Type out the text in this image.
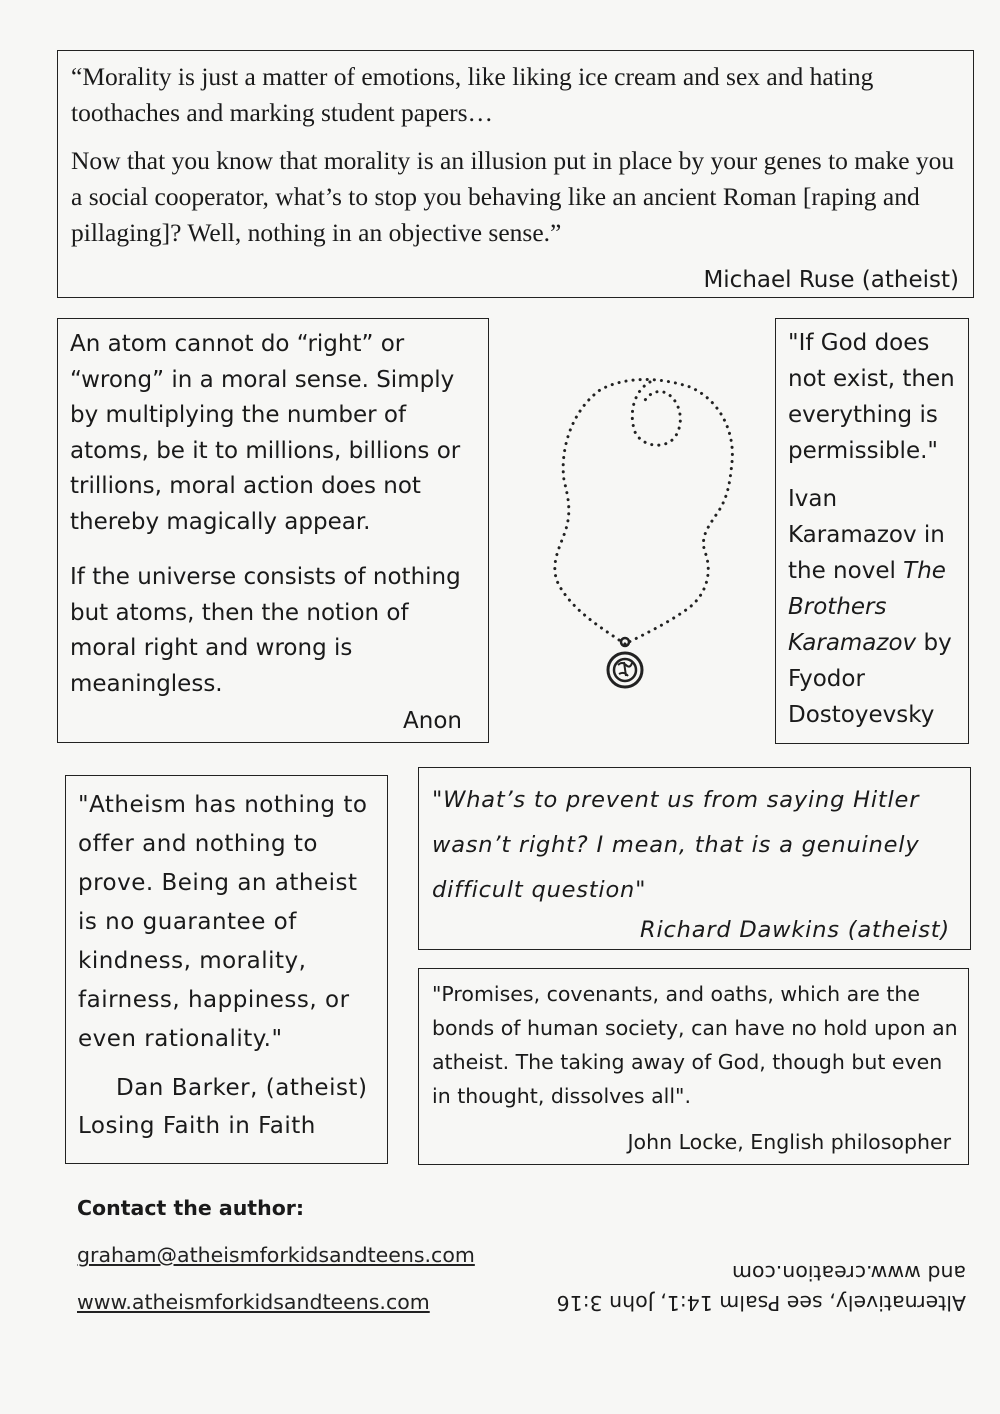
“Morality is just a matter of emotions, like liking ice cream and sex and hating toothaches and marking student papers…

Now that you know that morality is an illusion put in place by your genes to make you a social cooperator, what’s to stop you behaving like an ancient Roman [raping and pillaging]? Well, nothing in an objective sense.”

Michael Ruse (atheist)

An atom cannot do “right” or “wrong” in a moral sense. Simply by multiplying the number of atoms, be it to millions, billions or trillions, moral action does not thereby magically appear.

If the universe consists of nothing but atoms, then the notion of moral right and wrong is meaningless.

Anon

"If God does not exist, then everything is permissible."

Ivan Karamazov in the novel The Brothers Karamazov by Fyodor Dostoyevsky

"Atheism has nothing to offer and nothing to prove. Being an atheist is no guarantee of kindness, morality, fairness, happiness, or even rationality."

Dan Barker, (atheist)

Losing Faith in Faith

"What’s to prevent us from saying Hitler wasn’t right? I mean, that is a genuinely difficult question"

Richard Dawkins (atheist)

"Promises, covenants, and oaths, which are the bonds of human society, can have no hold upon an atheist. The taking away of God, though but even in thought, dissolves all".

John Locke, English philosopher
Contact the author:
graham@atheismforkidsandteens.com
www.atheismforkidsandteens.com	Alternatively, see Psalm 14:1, John 3:16
and www.creation.com
